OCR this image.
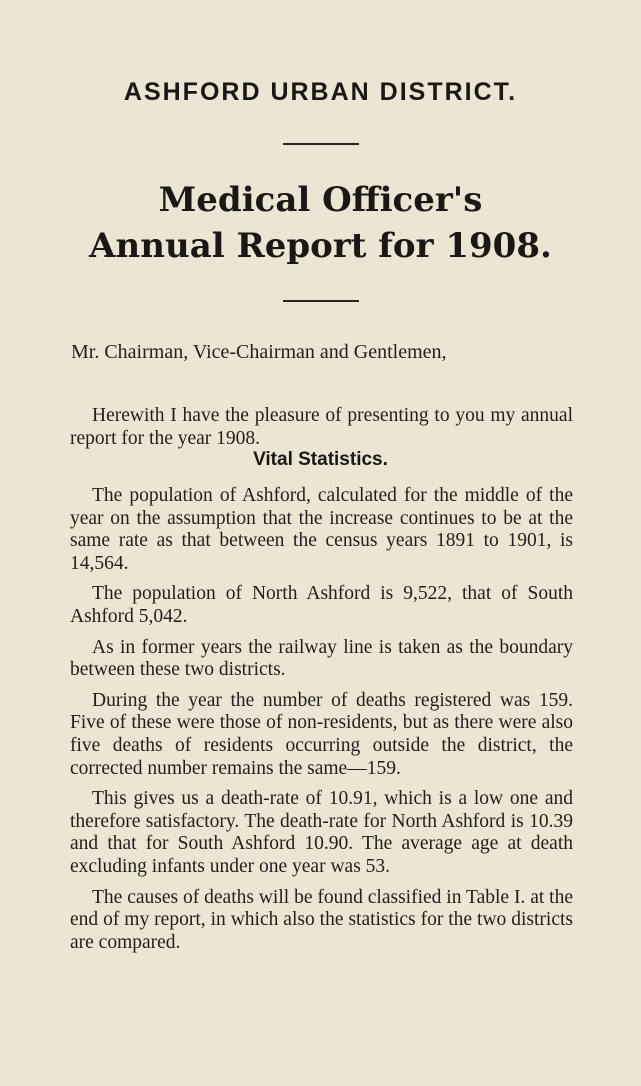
ASHFORD URBAN DISTRICT.
Medical Officer's
Annual Report for 1908.
Mr. Chairman, Vice-Chairman and Gentlemen,

Herewith I have the pleasure of presenting to you my annual report for the year 1908.

Vital Statistics.

The population of Ashford, calculated for the middle of the year on the assumption that the increase continues to be at the same rate as that between the census years 1891 to 1901, is 14,564.

The population of North Ashford is 9,522, that of South Ashford 5,042.

As in former years the railway line is taken as the boundary between these two districts.

During the year the number of deaths registered was 159. Five of these were those of non-residents, but as there were also five deaths of residents occurring outside the district, the corrected number remains the same—159.

This gives us a death-rate of 10.91, which is a low one and therefore satisfactory. The death-rate for North Ashford is 10.39 and that for South Ashford 10.90. The average age at death excluding infants under one year was 53.

The causes of deaths will be found classified in Table I. at the end of my report, in which also the statistics for the two districts are compared.
